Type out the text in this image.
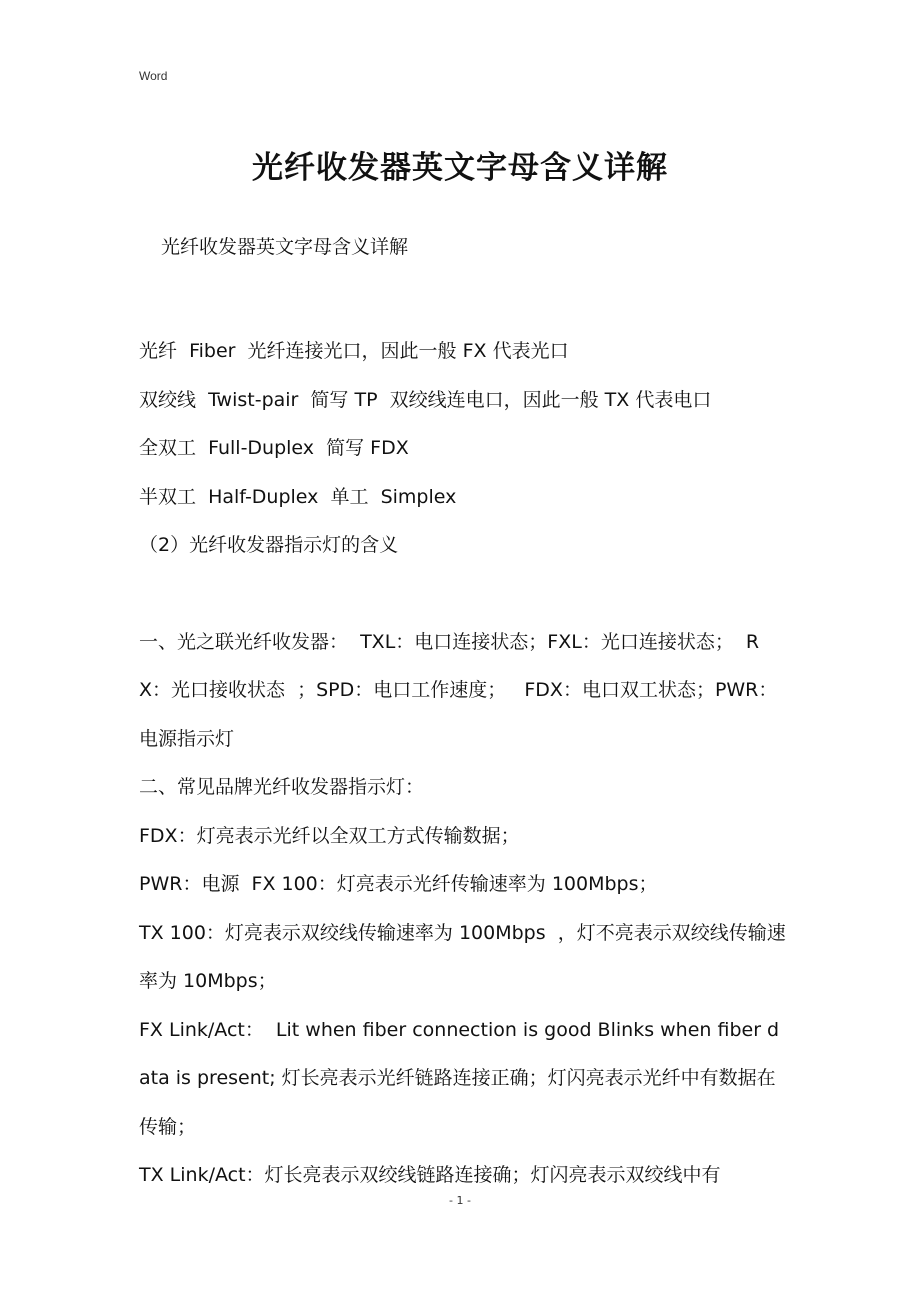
Word
光纤收发器英文字母含义详解
光纤收发器英文字母含义详解

光纤  Fiber  光纤连接光口，因此一般 FX 代表光口

双绞线  Twist-pair  简写 TP  双绞线连电口，因此一般 TX 代表电口

全双工  Full-Duplex  简写 FDX

半双工  Half-Duplex  单工  Simplex

（2）光纤收发器指示灯的含义

一、光之联光纤收发器：  TXL：电口连接状态；FXL：光口连接状态；  RX：光口接收状态  ；SPD：电口工作速度；   FDX：电口双工状态；PWR：电源指示灯

二、常见品牌光纤收发器指示灯：

FDX：灯亮表示光纤以全双工方式传输数据；

PWR：电源  FX 100：灯亮表示光纤传输速率为 100Mbps；

TX 100：灯亮表示双绞线传输速率为 100Mbps  ，灯不亮表示双绞线传输速率为 10Mbps；

FX Link/Act：  Lit when fiber connection is good Blinks when fiber data is present; 灯长亮表示光纤链路连接正确；灯闪亮表示光纤中有数据在传输；

TX Link/Act：灯长亮表示双绞线链路连接确；灯闪亮表示双绞线中有

- 1 -
